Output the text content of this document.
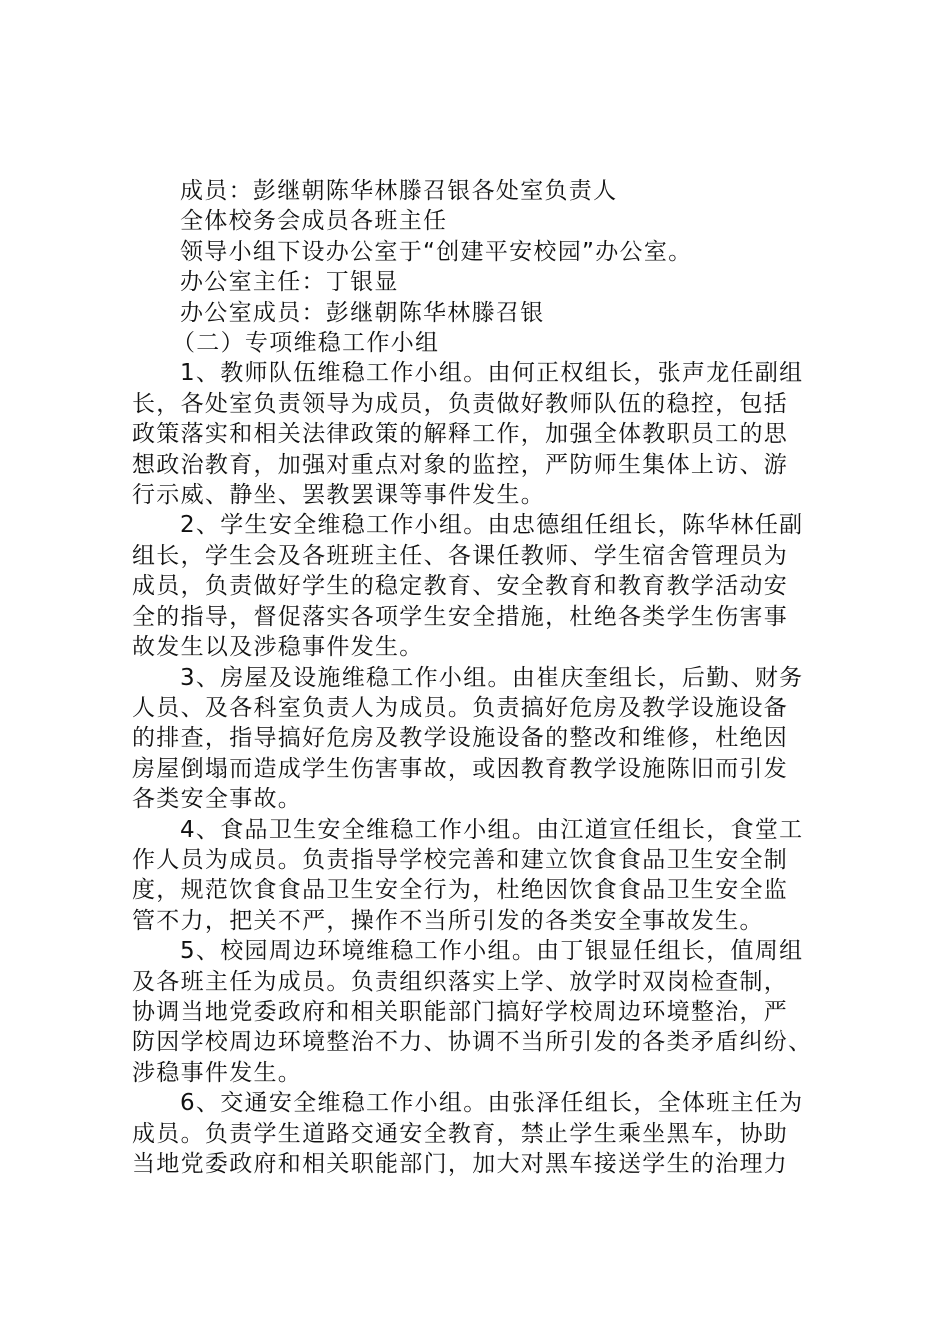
成员：彭继朝陈华林滕召银各处室负责人

全体校务会成员各班主任

领导小组下设办公室于“创建平安校园”办公室。

办公室主任：丁银显

办公室成员：彭继朝陈华林滕召银

（二）专项维稳工作小组

1、教师队伍维稳工作小组。由何正权组长，张声龙任副组

长，各处室负责领导为成员，负责做好教师队伍的稳控，包括

政策落实和相关法律政策的解释工作，加强全体教职员工的思

想政治教育，加强对重点对象的监控，严防师生集体上访、游

行示威、静坐、罢教罢课等事件发生。

2、学生安全维稳工作小组。由忠德组任组长，陈华林任副

组长，学生会及各班班主任、各课任教师、学生宿舍管理员为

成员，负责做好学生的稳定教育、安全教育和教育教学活动安

全的指导，督促落实各项学生安全措施，杜绝各类学生伤害事

故发生以及涉稳事件发生。

3、房屋及设施维稳工作小组。由崔庆奎组长，后勤、财务

人员、及各科室负责人为成员。负责搞好危房及教学设施设备

的排查，指导搞好危房及教学设施设备的整改和维修，杜绝因

房屋倒塌而造成学生伤害事故，或因教育教学设施陈旧而引发

各类安全事故。

4、食品卫生安全维稳工作小组。由江道宣任组长，食堂工

作人员为成员。负责指导学校完善和建立饮食食品卫生安全制

度，规范饮食食品卫生安全行为，杜绝因饮食食品卫生安全监

管不力，把关不严，操作不当所引发的各类安全事故发生。

5、校园周边环境维稳工作小组。由丁银显任组长，值周组

及各班主任为成员。负责组织落实上学、放学时双岗检查制，

协调当地党委政府和相关职能部门搞好学校周边环境整治，严

防因学校周边环境整治不力、协调不当所引发的各类矛盾纠纷、

涉稳事件发生。

6、交通安全维稳工作小组。由张泽任组长，全体班主任为

成员。负责学生道路交通安全教育，禁止学生乘坐黑车，协助

当地党委政府和相关职能部门，加大对黑车接送学生的治理力
